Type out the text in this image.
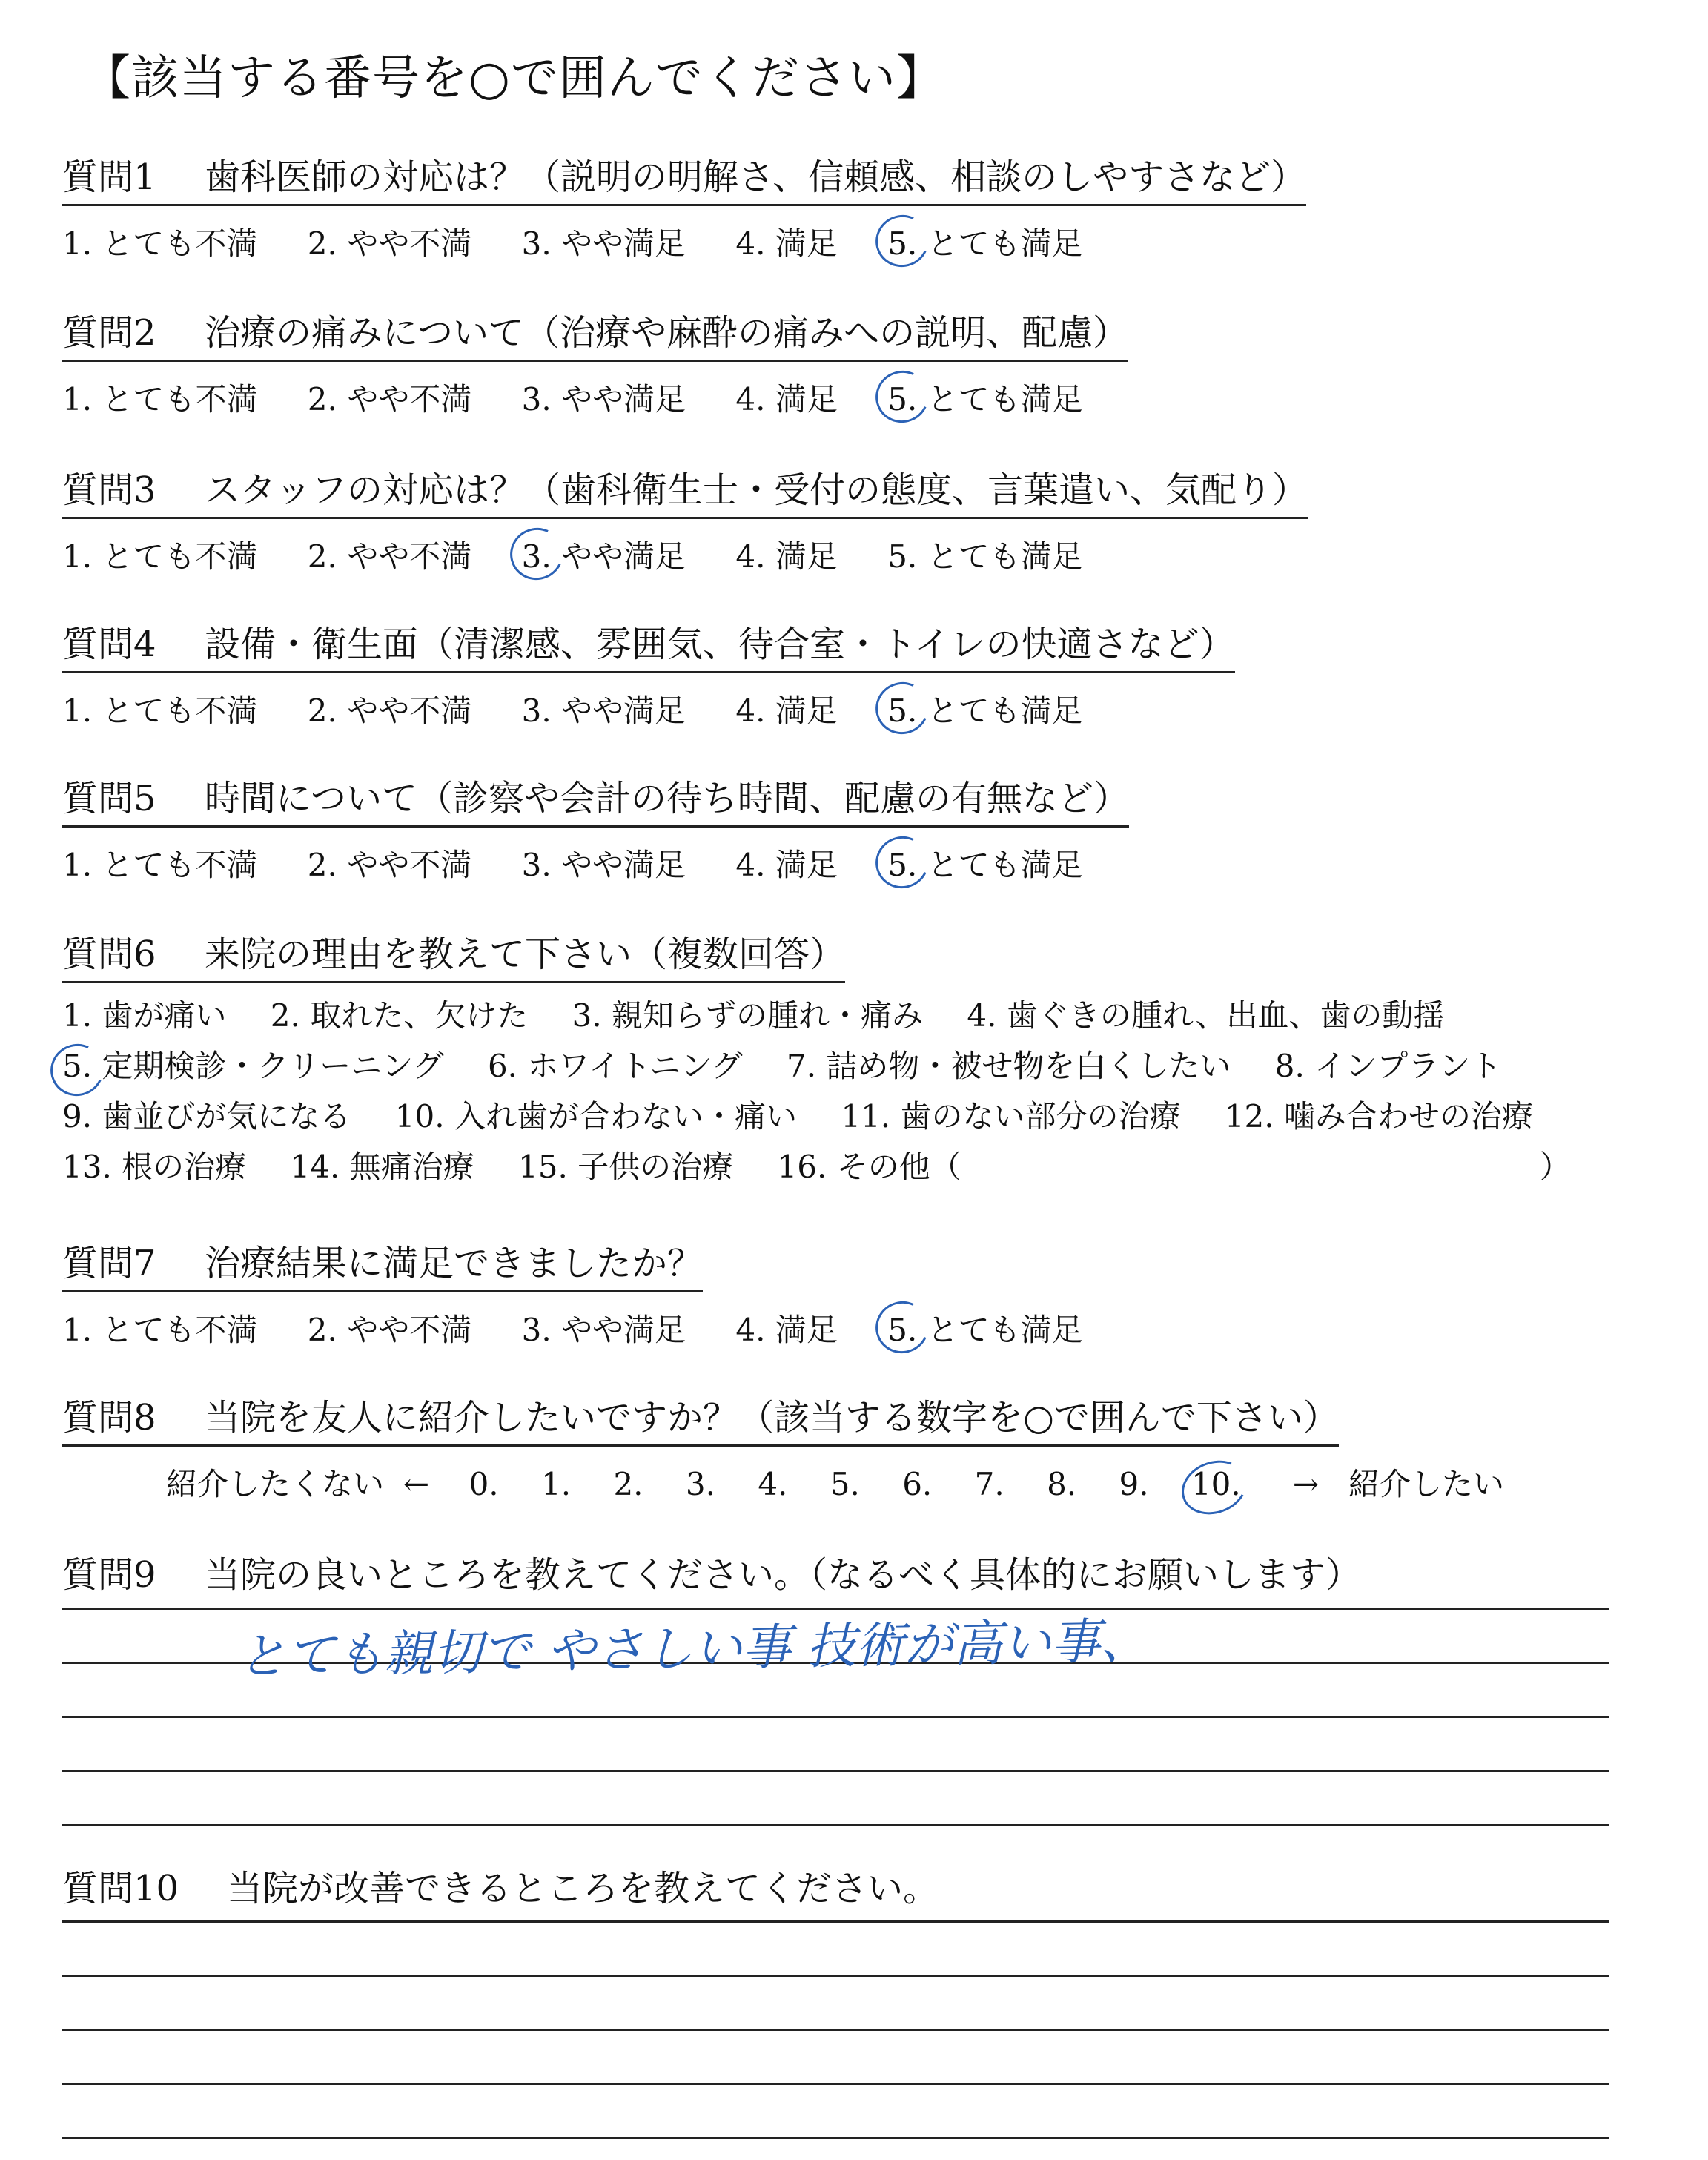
【該当する番号を○で囲んでください】
質問1 歯科医師の対応は？（説明の明解さ、信頼感、相談のしやすさなど）
1. とても不満 2. やや不満 3. やや満足 4. 満足 5. とても満足
質問2 治療の痛みについて（治療や麻酔の痛みへの説明、配慮）
1. とても不満 2. やや不満 3. やや満足 4. 満足 5. とても満足
質問3 スタッフの対応は？（歯科衛生士・受付の態度、言葉遣い、気配り）
1. とても不満 2. やや不満 3. やや満足 4. 満足 5. とても満足
質問4 設備・衛生面（清潔感、雰囲気、待合室・トイレの快適さなど）
1. とても不満 2. やや不満 3. やや満足 4. 満足 5. とても満足
質問5 時間について（診察や会計の待ち時間、配慮の有無など）
1. とても不満 2. やや不満 3. やや満足 4. 満足 5. とても満足
質問6 来院の理由を教えて下さい（複数回答）
1. 歯が痛い 2. 取れた、欠けた 3. 親知らずの腫れ・痛み 4. 歯ぐきの腫れ、出血、歯の動揺
5. 定期検診・クリーニング 6. ホワイトニング 7. 詰め物・被せ物を白くしたい 8. インプラント
9. 歯並びが気になる 10. 入れ歯が合わない・痛い 11. 歯のない部分の治療 12. 噛み合わせの治療
13. 根の治療 14. 無痛治療 15. 子供の治療 16. その他（	）
質問7 治療結果に満足できましたか？
1. とても不満 2. やや不満 3. やや満足 4. 満足 5. とても満足
質問8 当院を友人に紹介したいですか？（該当する数字を○で囲んで下さい）
紹介したくない ← 0. 1. 2. 3. 4. 5. 6. 7. 8. 9. 10. → 紹介したい
質問9 当院の良いところを教えてください。（なるべく具体的にお願いします）
とても親切で やさしい事 技術が高い事、
質問10 当院が改善できるところを教えてください。
